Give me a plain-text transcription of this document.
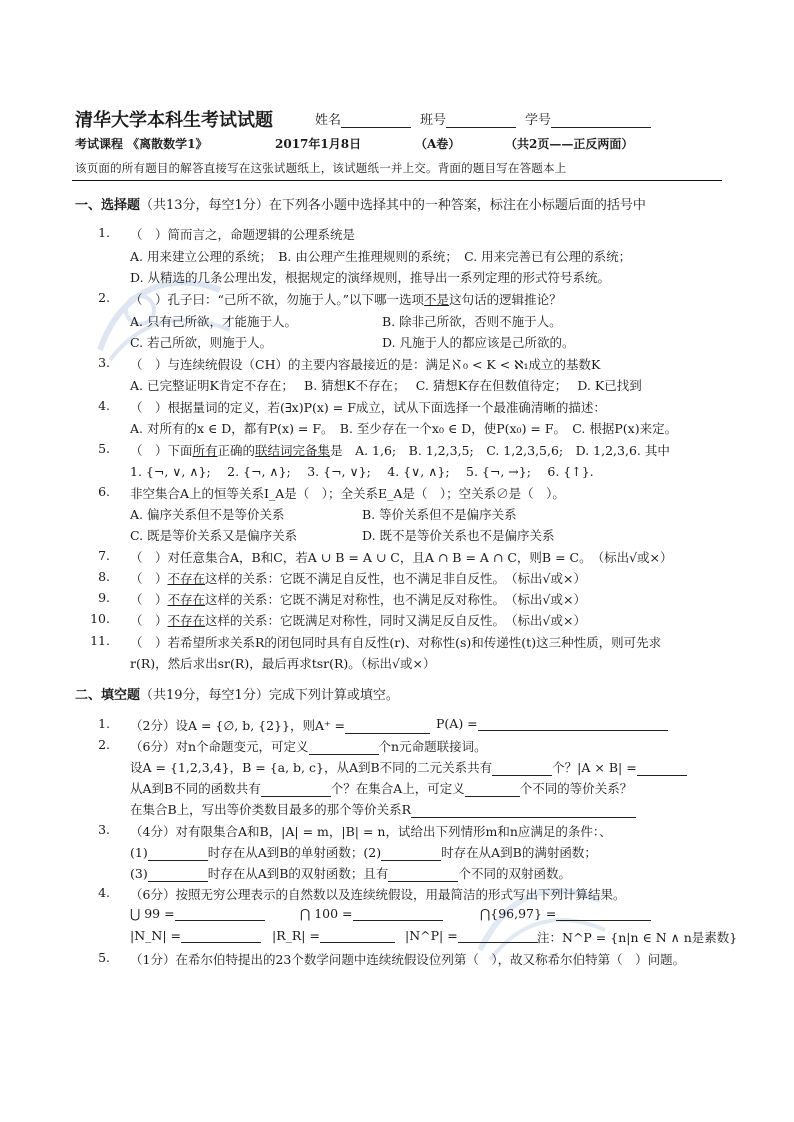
清华大学本科生考试试题	姓名	班号	学号
考试课程 《离散数学1》	2017年1月8日	（A卷）	（共2页——正反两面）
该页面的所有题目的解答直接写在这张试题纸上，该试题纸一并上交。背面的题目写在答题本上
一、选择题（共13分，每空1分）在下列各小题中选择其中的一种答案，标注在小标题后面的括号中
1. （　）简而言之，命题逻辑的公理系统是
A. 用来建立公理的系统；　B. 由公理产生推理规则的系统；　C. 用来完善已有公理的系统；
D. 从精选的几条公理出发，根据规定的演绎规则，推导出一系列定理的形式符号系统。
2. （　）孔子曰：“己所不欲，勿施于人。”以下哪一选项不是这句话的逻辑推论？
A. 只有己所欲，才能施于人。	B. 除非己所欲，否则不施于人。
C. 若己所欲，则施于人。	D. 凡施于人的都应该是己所欲的。
3. （　）与连续统假设（CH）的主要内容最接近的是：满足ℵ₀ < K < ℵ₁成立的基数K
A. 已完整证明K肯定不存在；　 B. 猜想K不存在；　 C. 猜想K存在但数值待定；　 D. K已找到
4. （　）根据量词的定义，若(∃x)P(x) = F成立，试从下面选择一个最准确清晰的描述：
A. 对所有的x ∈ D，都有P(x) = F。　B. 至少存在一个x₀ ∈ D，使P(x₀) = F。　C. 根据P(x)来定。
5. （　）下面所有正确的联结词完备集是　A. 1,6;　B. 1,2,3,5;　C. 1,2,3,5,6;　D. 1,2,3,6. 其中
1. {¬, ∨, ∧};　 2. {¬, ∧};　 3. {¬, ∨};　 4. {∨, ∧};　 5. {¬, →};　 6. {↑}.
6. 非空集合A上的恒等关系I_A是（　）；全关系E_A是（　）；空关系∅是（　）。
A. 偏序关系但不是等价关系	B. 等价关系但不是偏序关系
C. 既是等价关系又是偏序关系	D. 既不是等价关系也不是偏序关系
7. （　）对任意集合A，B和C，若A ∪ B = A ∪ C，且A ∩ B = A ∩ C，则B = C。　（标出√或×）
8. （　）不存在这样的关系：它既不满足自反性，也不满足非自反性。　（标出√或×）
9. （　）不存在这样的关系：它既不满足对称性，也不满足反对称性。　（标出√或×）
10. （　）不存在这样的关系：它既满足对称性，同时又满足反自反性。　（标出√或×）
11. （　）若希望所求关系R的闭包同时具有自反性(r)、对称性(s)和传递性(t)这三种性质，则可先求
r(R)，然后求出sr(R)，最后再求tsr(R)。（标出√或×）
二、填空题（共19分，每空1分）完成下列计算或填空。
1. （2分）设A = {∅, b, {2}}，则A⁺ =	P(A) =
2. （6分）对n个命题变元，可定义	个n元命题联接词。
设A = {1,2,3,4}，B = {a, b, c}，从A到B不同的二元关系共有	个？|A × B| =
从A到B不同的函数共有	个？在集合A上，可定义	个不同的等价关系？
在集合B上，写出等价类数目最多的那个等价关系R
3. （4分）对有限集合A和B，|A| = m，|B| = n，试给出下列情形m和n应满足的条件：、
(1)	时存在从A到B的单射函数；(2)	时存在从A到B的满射函数；
(3)	时存在从A到B的双射函数；且有	个不同的双射函数。
4. （6分）按照无穷公理表示的自然数以及连续统假设，用最简洁的形式写出下列计算结果。
⋃ 99 =	⋂ 100 =	⋂{96,97} =
|N_N| =	|R_R| =	|N^P| =	注：N^P = {n|n ∈ N ∧ n是素数}
5. （1分）在希尔伯特提出的23个数学问题中连续统假设位列第（　），故又称希尔伯特第（　）问题。
